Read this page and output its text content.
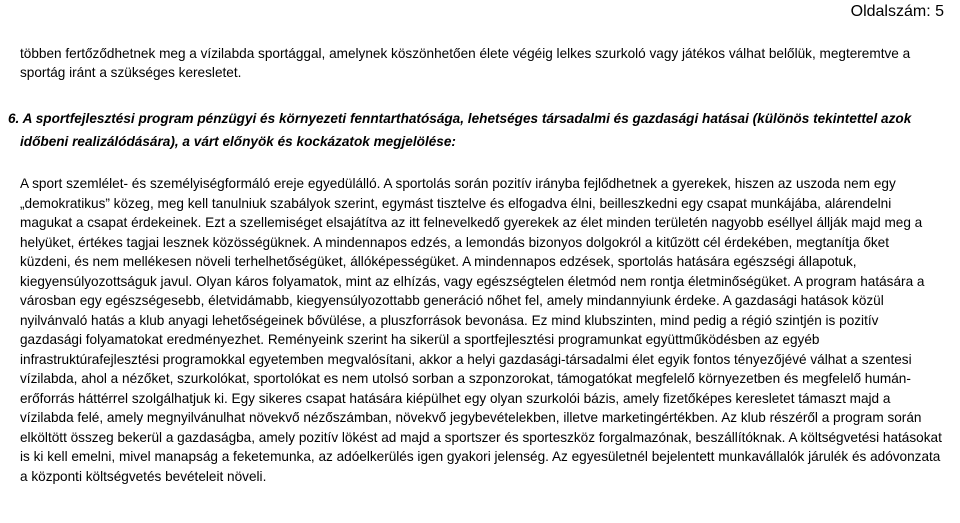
Oldalszám: 5

többen fertőződhetnek meg a vízilabda sportággal, amelynek köszönhetően élete végéig lelkes szurkoló vagy játékos válhat belőlük, megteremtve a sportág iránt a szükséges keresletet.

6. A sportfejlesztési program pénzügyi és környezeti fenntarthatósága, lehetséges társadalmi és gazdasági hatásai (különös tekintettel azok
időbeni realizálódására), a várt előnyök és kockázatok megjelölése:

A sport szemlélet- és személyiségformáló ereje egyedülálló. A sportolás során pozitív irányba fejlődhetnek a gyerekek, hiszen az uszoda nem egy „demokratikus” közeg, meg kell tanulniuk szabályok szerint, egymást tisztelve és elfogadva élni, beilleszkedni egy csapat munkájába, alárendelni magukat a csapat érdekeinek. Ezt a szellemiséget elsajátítva az itt felnevelkedő gyerekek az élet minden területén nagyobb eséllyel állják majd meg a helyüket, értékes tagjai lesznek közösségüknek. A mindennapos edzés, a lemondás bizonyos dolgokról a kitűzött cél érdekében, megtanítja őket küzdeni, és nem mellékesen növeli terhelhetőségüket, állóképességüket. A mindennapos edzések, sportolás hatására egészségi állapotuk, kiegyensúlyozottságuk javul. Olyan káros folyamatok, mint az elhízás, vagy egészségtelen életmód nem rontja életminőségüket. A program hatására a városban egy egészségesebb, életvidámabb, kiegyensúlyozottabb generáció nőhet fel, amely mindannyiunk érdeke. A gazdasági hatások közül nyilvánvaló hatás a klub anyagi lehetőségeinek bővülése, a pluszforrások bevonása. Ez mind klubszinten, mind pedig a régió szintjén is pozitív gazdasági folyamatokat eredményezhet. Reményeink szerint ha sikerül a sportfejlesztési programunkat együttműködésben az egyéb infrastruktúrafejlesztési programokkal egyetemben megvalósítani, akkor a helyi gazdasági-társadalmi élet egyik fontos tényezőjévé válhat a szentesi vízilabda, ahol a nézőket, szurkolókat, sportolókat es nem utolsó sorban a szponzorokat, támogatókat megfelelő környezetben és megfelelő humán-erőforrás háttérrel szolgálhatjuk ki. Egy sikeres csapat hatására kiépülhet egy olyan szurkolói bázis, amely fizetőképes keresletet támaszt majd a vízilabda felé, amely megnyilvánulhat növekvő nézőszámban, növekvő jegybevételekben, illetve marketingértékben. Az klub részéről a program során elköltött összeg bekerül a gazdaságba, amely pozitív lökést ad majd a sportszer és sporteszköz forgalmazónak, beszállítóknak. A költségvetési hatásokat is ki kell emelni, mivel manapság a feketemunka, az adóelkerülés igen gyakori jelenség. Az egyesületnél bejelentett munkavállalók járulék és adóvonzata a központi költségvetés bevételeit növeli.
